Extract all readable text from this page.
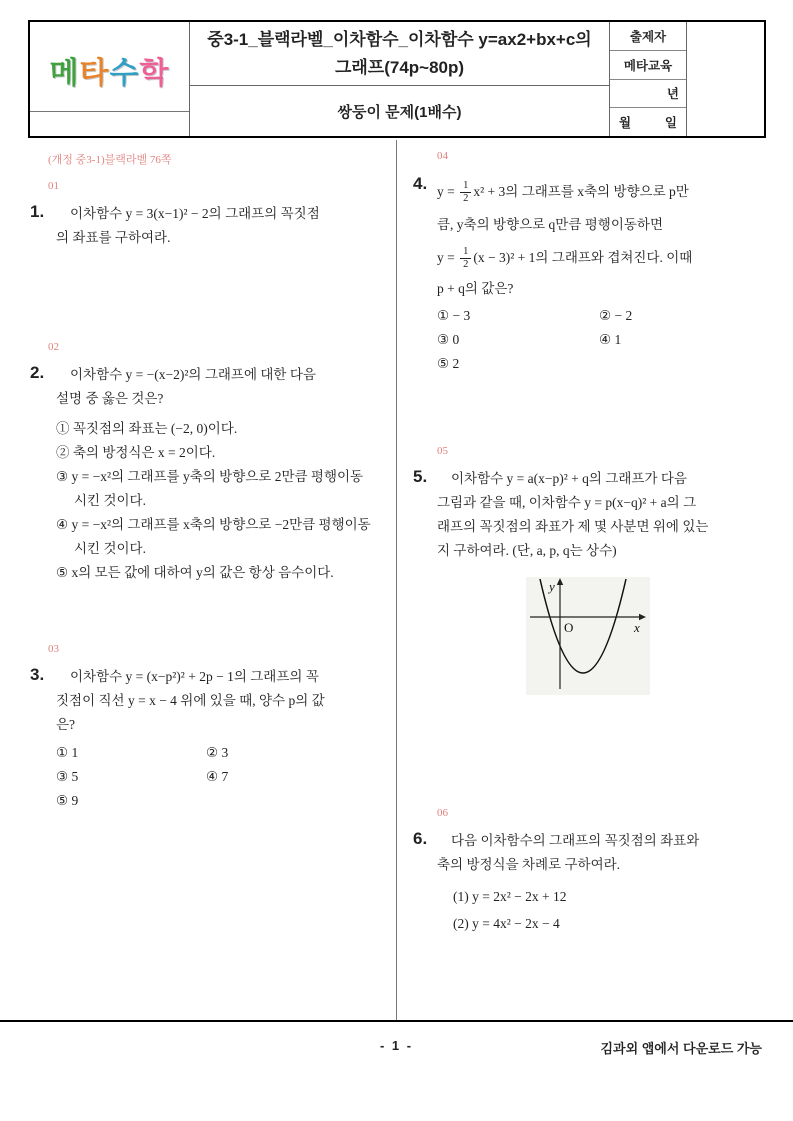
메타수학
중3-1_블랙라벨_이차함수_이차함수 y=ax2+bx+c의
그래프(74p~80p)
쌍둥이 문제(1배수)
출제자
메타교육
년
월	일
(개정 중3-1)블랙라벨 76쪽
01
1.	이차함수 y = 3(x−1)² − 2의 그래프의 꼭짓점
의 좌표를 구하여라.
02
2.	이차함수 y = −(x−2)²의 그래프에 대한 다음
설명 중 옳은 것은?
① 꼭짓점의 좌표는 (−2, 0)이다.
② 축의 방정식은 x = 2이다.
③ y = −x²의 그래프를 y축의 방향으로 2만큼 평행이동시킨 것이다.
④ y = −x²의 그래프를 x축의 방향으로 −2만큼 평행이동시킨 것이다.
⑤ x의 모든 값에 대하여 y의 값은 항상 음수이다.
03
3.	이차함수 y = (x−p²)² + 2p − 1의 그래프의 꼭
짓점이 직선 y = x − 4 위에 있을 때, 양수 p의 값
은?
① 1	② 3
③ 5	④ 7
⑤ 9
04
4. $y = \frac{1}{2} x^2 + 3$의 그래프를 x축의 방향으로 p만
큼, y축의 방향으로 q만큼 평행이동하면
$y = \frac{1}{2} (x - 3)^2 + 1$의 그래프와 겹쳐진다. 이때
p + q의 값은?
① − 3	② − 2
③ 0	④ 1
⑤ 2
05
5.	이차함수 y = a(x−p)² + q의 그래프가 다음
그림과 같을 때, 이차함수 y = p(x−q)² + a의 그
래프의 꼭짓점의 좌표가 제 몇 사분면 위에 있는
지 구하여라. (단, a, p, q는 상수)
y
x
O
06
6.	다음 이차함수의 그래프의 꼭짓점의 좌표와
축의 방정식을 차례로 구하여라.
(1) y = 2x² − 2x + 12
(2) y = 4x² − 2x − 4
- 1 -	김과외 앱에서 다운로드 가능
